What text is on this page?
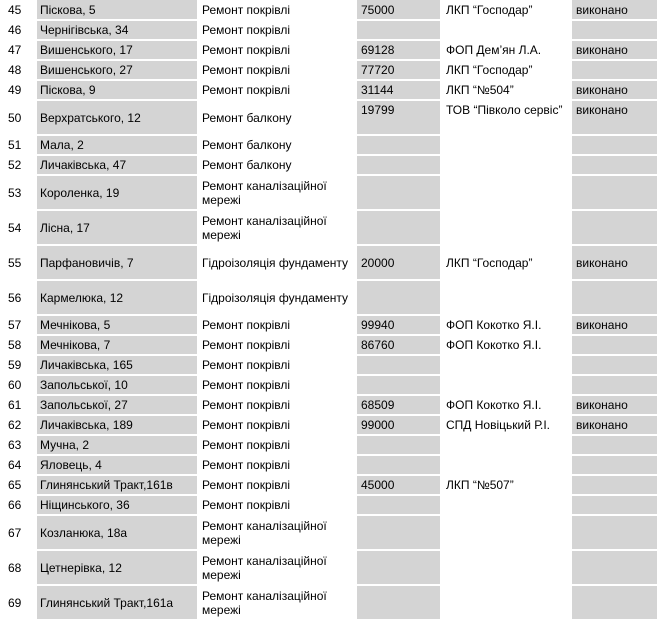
45	Піскова, 5	Ремонт покрівлі	75000	ЛКП “Господар”	виконано
46	Чернігівська, 34	Ремонт покрівлі			
47	Вишенського, 17	Ремонт покрівлі	69128	ФОП Дем’ян Л.А.	виконано
48	Вишенського, 27	Ремонт покрівлі	77720	ЛКП “Господар”	
49	Піскова, 9	Ремонт покрівлі	31144	ЛКП “№504”	виконано
50	Верхратського, 12	Ремонт балкону	19799	ТОВ “Півколо сервіс”	виконано
51	Мала, 2	Ремонт балкону			
52	Личаківська, 47	Ремонт балкону			
53	Короленка, 19	Ремонт каналізаційної мережі			
54	Лісна, 17	Ремонт каналізаційної мережі			
55	Парфановичів, 7	Гідроізоляція фундаменту	20000	ЛКП “Господар”	виконано
56	Кармелюка, 12	Гідроізоляція фундаменту			
57	Мечнікова, 5	Ремонт покрівлі	99940	ФОП Кокотко Я.І.	виконано
58	Мечнікова, 7	Ремонт покрівлі	86760	ФОП Кокотко Я.І.	
59	Личаківська, 165	Ремонт покрівлі			
60	Запольської, 10	Ремонт покрівлі			
61	Запольської, 27	Ремонт покрівлі	68509	ФОП Кокотко Я.І.	виконано
62	Личаківська, 189	Ремонт покрівлі	99000	СПД Новіцький Р.І.	виконано
63	Мучна, 2	Ремонт покрівлі			
64	Яловець, 4	Ремонт покрівлі			
65	Глинянський Тракт,161в	Ремонт покрівлі	45000	ЛКП “№507”	
66	Ніщинського, 36	Ремонт покрівлі			
67	Козланюка, 18а	Ремонт каналізаційної мережі			
68	Цетнерівка, 12	Ремонт каналізаційної мережі			
69	Глинянський Тракт,161а	Ремонт каналізаційної мережі			
